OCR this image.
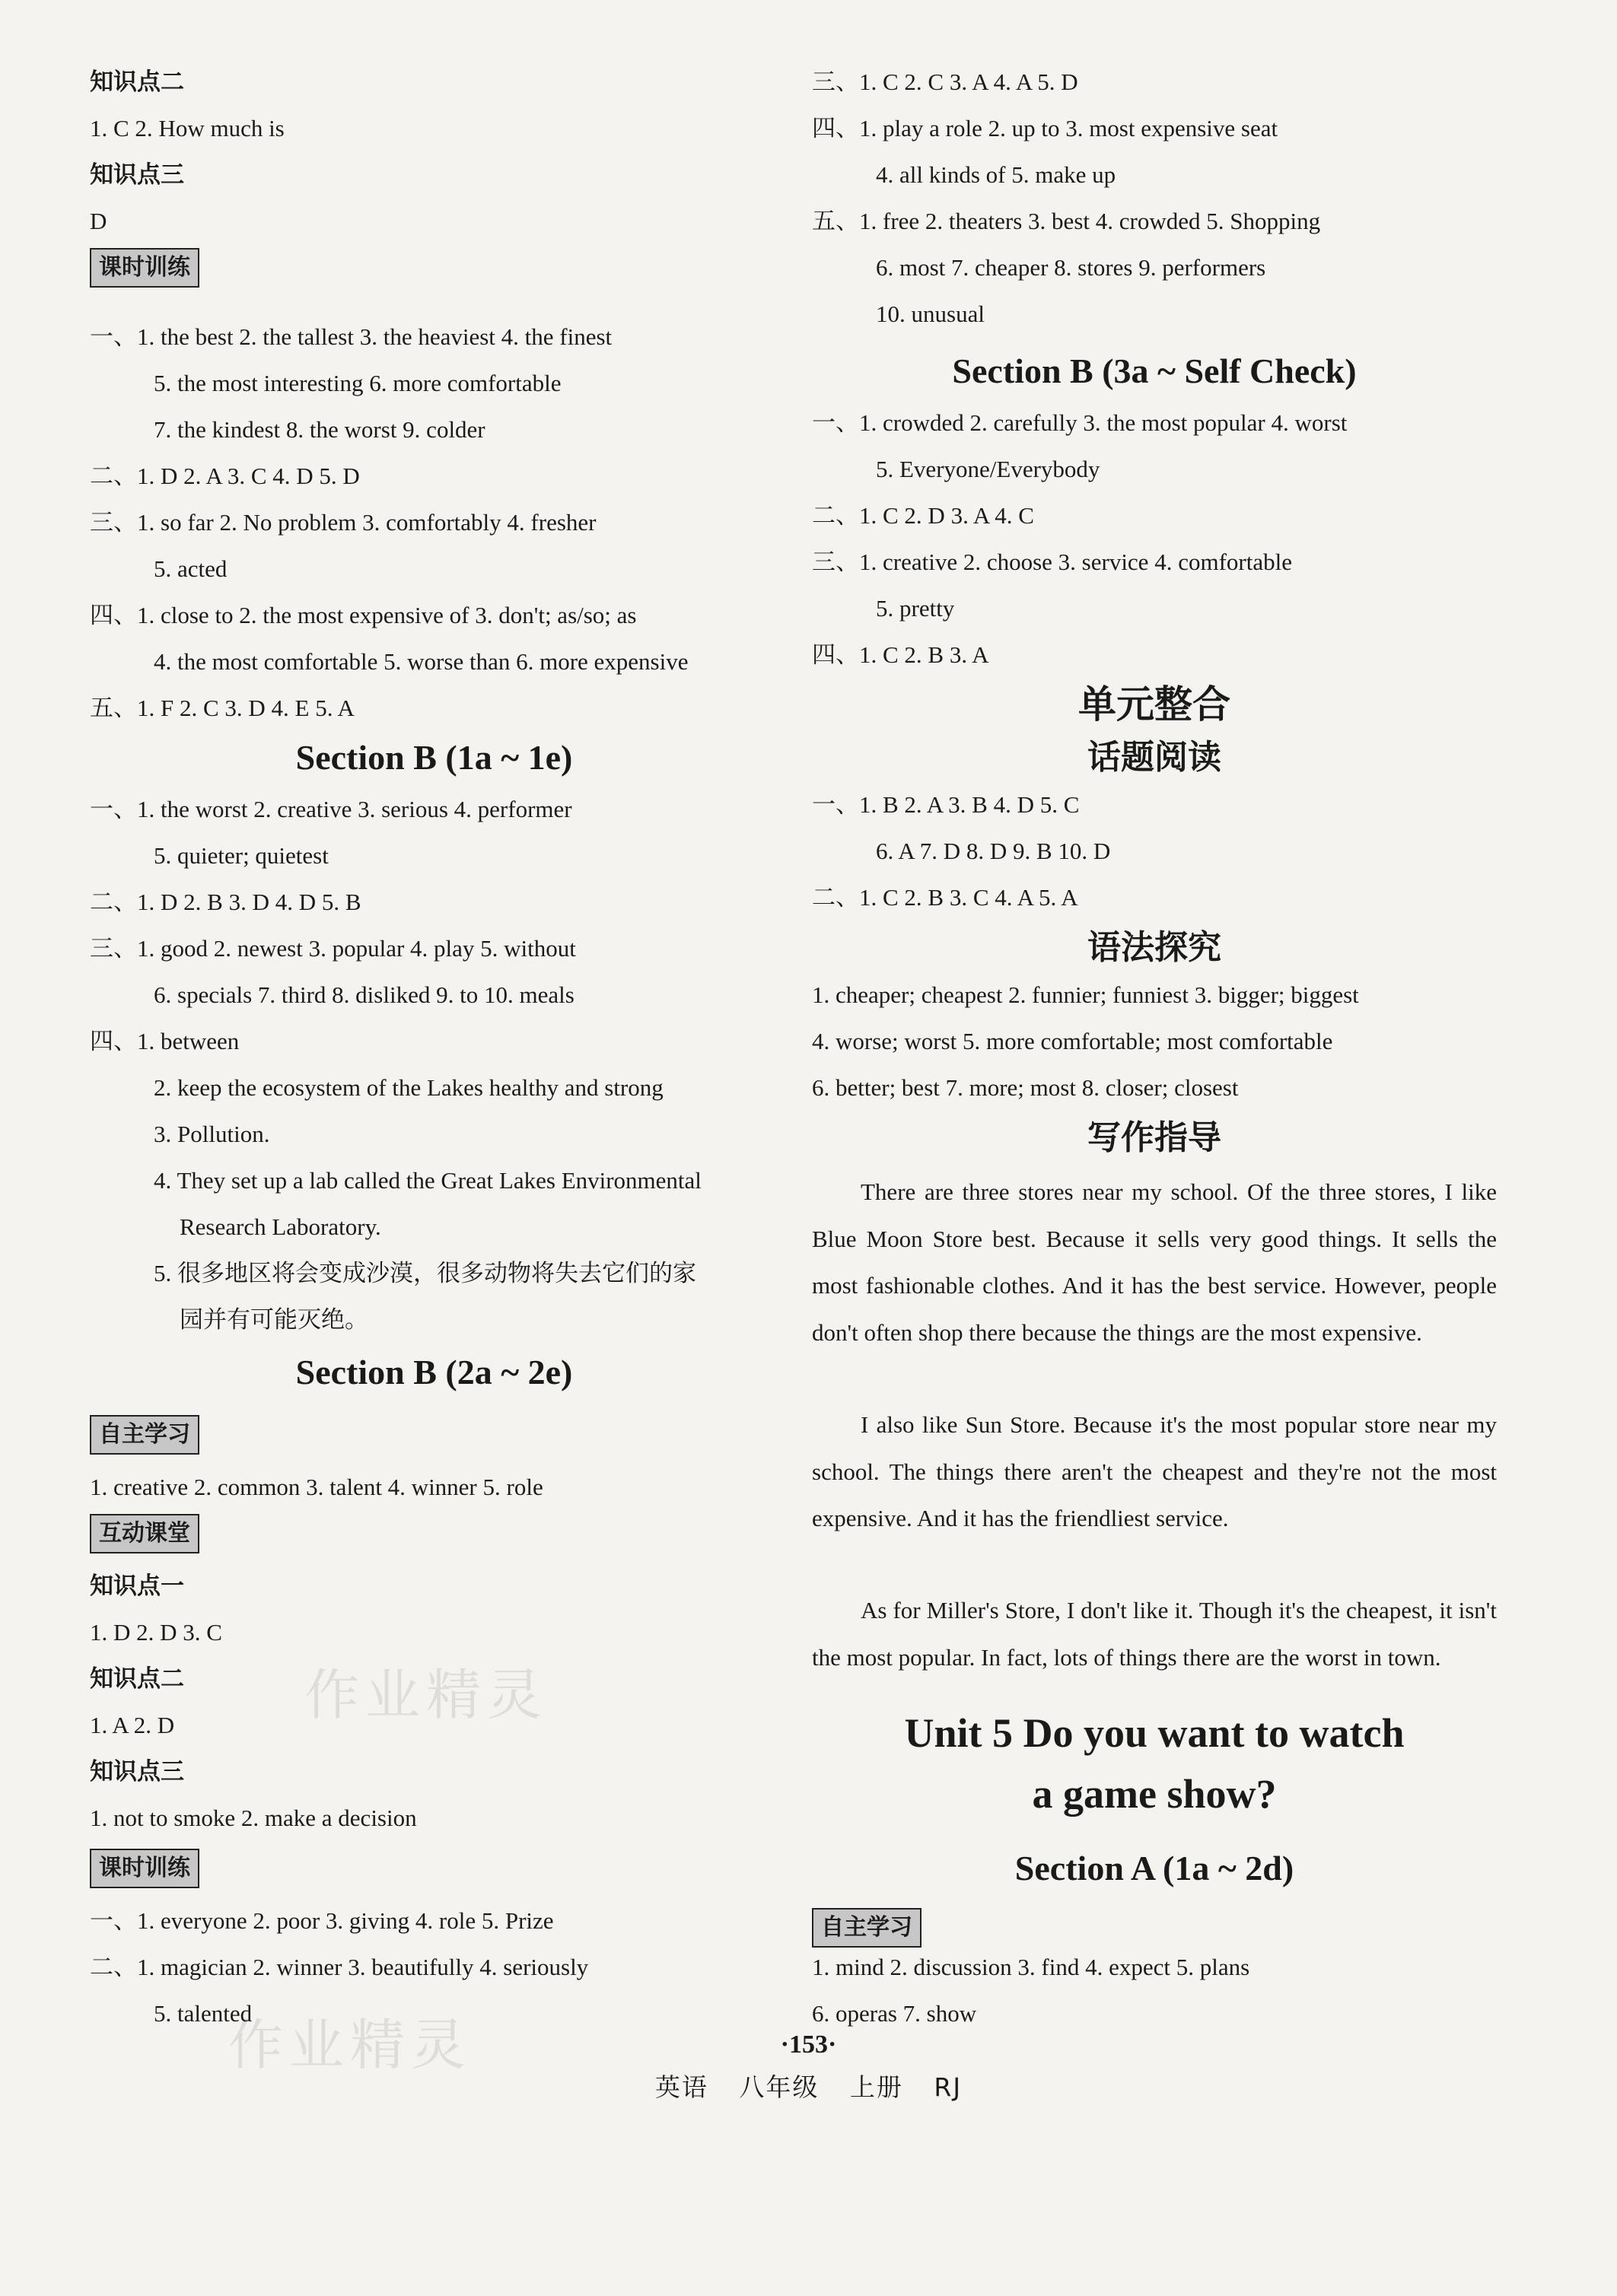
作业精灵
作业精灵
知识点二
1. C 2. How much is
知识点三
D
课时训练
一、1. the best 2. the tallest 3. the heaviest 4. the finest
5. the most interesting 6. more comfortable
7. the kindest 8. the worst 9. colder
二、1. D 2. A 3. C 4. D 5. D
三、1. so far 2. No problem 3. comfortably 4. fresher
5. acted
四、1. close to 2. the most expensive of 3. don't; as/so; as
4. the most comfortable 5. worse than 6. more expensive
五、1. F 2. C 3. D 4. E 5. A
Section B (1a ~ 1e)
一、1. the worst 2. creative 3. serious 4. performer
5. quieter; quietest
二、1. D 2. B 3. D 4. D 5. B
三、1. good 2. newest 3. popular 4. play 5. without
6. specials 7. third 8. disliked 9. to 10. meals
四、1. between
2. keep the ecosystem of the Lakes healthy and strong
3. Pollution.
4. They set up a lab called the Great Lakes Environmental
Research Laboratory.
5. 很多地区将会变成沙漠，很多动物将失去它们的家
园并有可能灭绝。
Section B (2a ~ 2e)
自主学习
1. creative 2. common 3. talent 4. winner 5. role
互动课堂
知识点一
1. D 2. D 3. C
知识点二
1. A 2. D
知识点三
1. not to smoke 2. make a decision
课时训练
一、1. everyone 2. poor 3. giving 4. role 5. Prize
二、1. magician 2. winner 3. beautifully 4. seriously
5. talented
三、1. C 2. C 3. A 4. A 5. D
四、1. play a role 2. up to 3. most expensive seat
4. all kinds of 5. make up
五、1. free 2. theaters 3. best 4. crowded 5. Shopping
6. most 7. cheaper 8. stores 9. performers
10. unusual
Section B (3a ~ Self Check)
一、1. crowded 2. carefully 3. the most popular 4. worst
5. Everyone/Everybody
二、1. C 2. D 3. A 4. C
三、1. creative 2. choose 3. service 4. comfortable
5. pretty
四、1. C 2. B 3. A
单元整合
话题阅读
一、1. B 2. A 3. B 4. D 5. C
6. A 7. D 8. D 9. B 10. D
二、1. C 2. B 3. C 4. A 5. A
语法探究
1. cheaper; cheapest 2. funnier; funniest 3. bigger; biggest
4. worse; worst 5. more comfortable; most comfortable
6. better; best 7. more; most 8. closer; closest
写作指导
There are three stores near my school. Of the three stores, I like Blue Moon Store best. Because it sells very good things. It sells the most fashionable clothes. And it has the best service. However, people don't often shop there because the things are the most expensive.
I also like Sun Store. Because it's the most popular store near my school. The things there aren't the cheapest and they're not the most expensive. And it has the friendliest service.
As for Miller's Store, I don't like it. Though it's the cheapest, it isn't the most popular. In fact, lots of things there are the worst in town.
Unit 5 Do you want to watch
a game show?
Section A (1a ~ 2d)
自主学习
1. mind 2. discussion 3. find 4. expect 5. plans
6. operas 7. show
·153·
英语 八年级 上册 RJ
